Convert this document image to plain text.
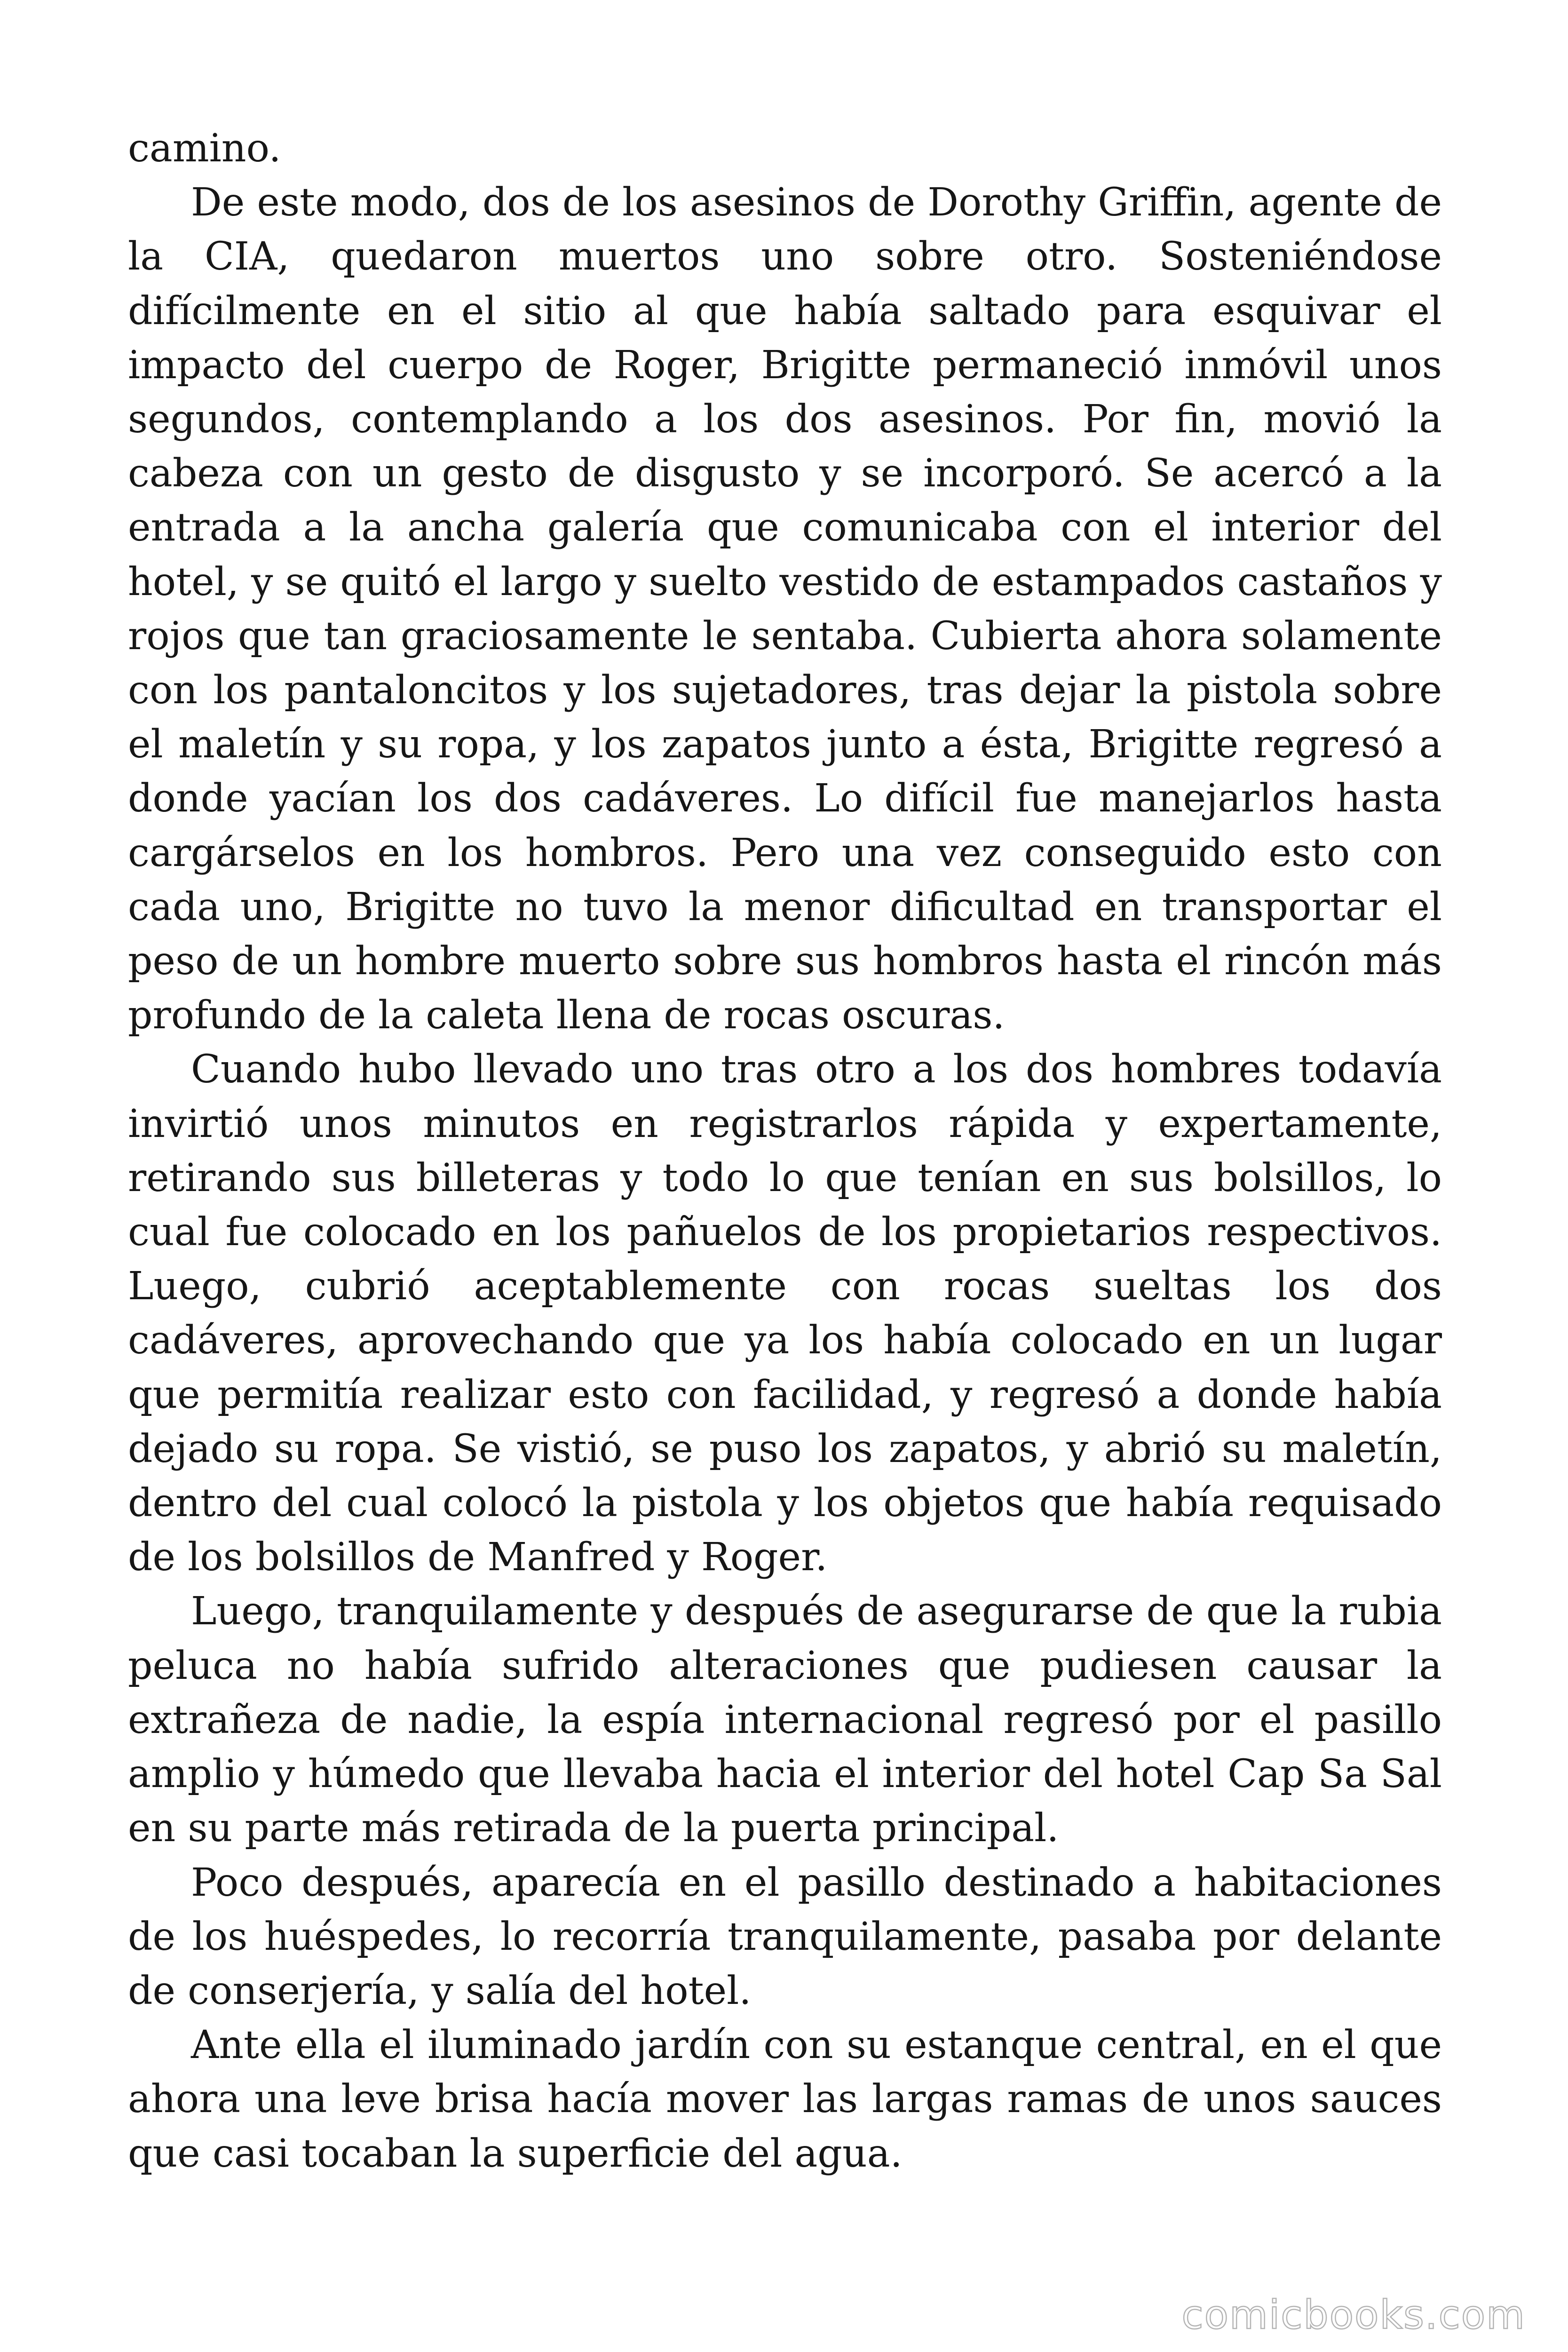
camino.

De este modo, dos de los asesinos de Dorothy Griffin, agente de la CIA, quedaron muertos uno sobre otro. Sosteniéndose difícilmente en el sitio al que había saltado para esquivar el impacto del cuerpo de Roger, Brigitte permaneció inmóvil unos segundos, contemplando a los dos asesinos. Por fin, movió la cabeza con un gesto de disgusto y se incorporó. Se acercó a la entrada a la ancha galería que comunicaba con el interior del hotel, y se quitó el largo y suelto vestido de estampados castaños y rojos que tan graciosamente le sentaba. Cubierta ahora solamente con los pantaloncitos y los sujetadores, tras dejar la pistola sobre el maletín y su ropa, y los zapatos junto a ésta, Brigitte regresó a donde yacían los dos cadáveres. Lo difícil fue manejarlos hasta cargárselos en los hombros. Pero una vez conseguido esto con cada uno, Brigitte no tuvo la menor dificultad en transportar el peso de un hombre muerto sobre sus hombros hasta el rincón más profundo de la caleta llena de rocas oscuras.

Cuando hubo llevado uno tras otro a los dos hombres todavía invirtió unos minutos en registrarlos rápida y expertamente, retirando sus billeteras y todo lo que tenían en sus bolsillos, lo cual fue colocado en los pañuelos de los propietarios respectivos. Luego, cubrió aceptablemente con rocas sueltas los dos cadáveres, aprovechando que ya los había colocado en un lugar que permitía realizar esto con facilidad, y regresó a donde había dejado su ropa. Se vistió, se puso los zapatos, y abrió su maletín, dentro del cual colocó la pistola y los objetos que había requisado de los bolsillos de Manfred y Roger.

Luego, tranquilamente y después de asegurarse de que la rubia peluca no había sufrido alteraciones que pudiesen causar la extrañeza de nadie, la espía internacional regresó por el pasillo amplio y húmedo que llevaba hacia el interior del hotel Cap Sa Sal en su parte más retirada de la puerta principal.

Poco después, aparecía en el pasillo destinado a habitaciones de los huéspedes, lo recorría tranquilamente, pasaba por delante de conserjería, y salía del hotel.

Ante ella el iluminado jardín con su estanque central, en el que ahora una leve brisa hacía mover las largas ramas de unos sauces que casi tocaban la superficie del agua.

comicbooks.com
